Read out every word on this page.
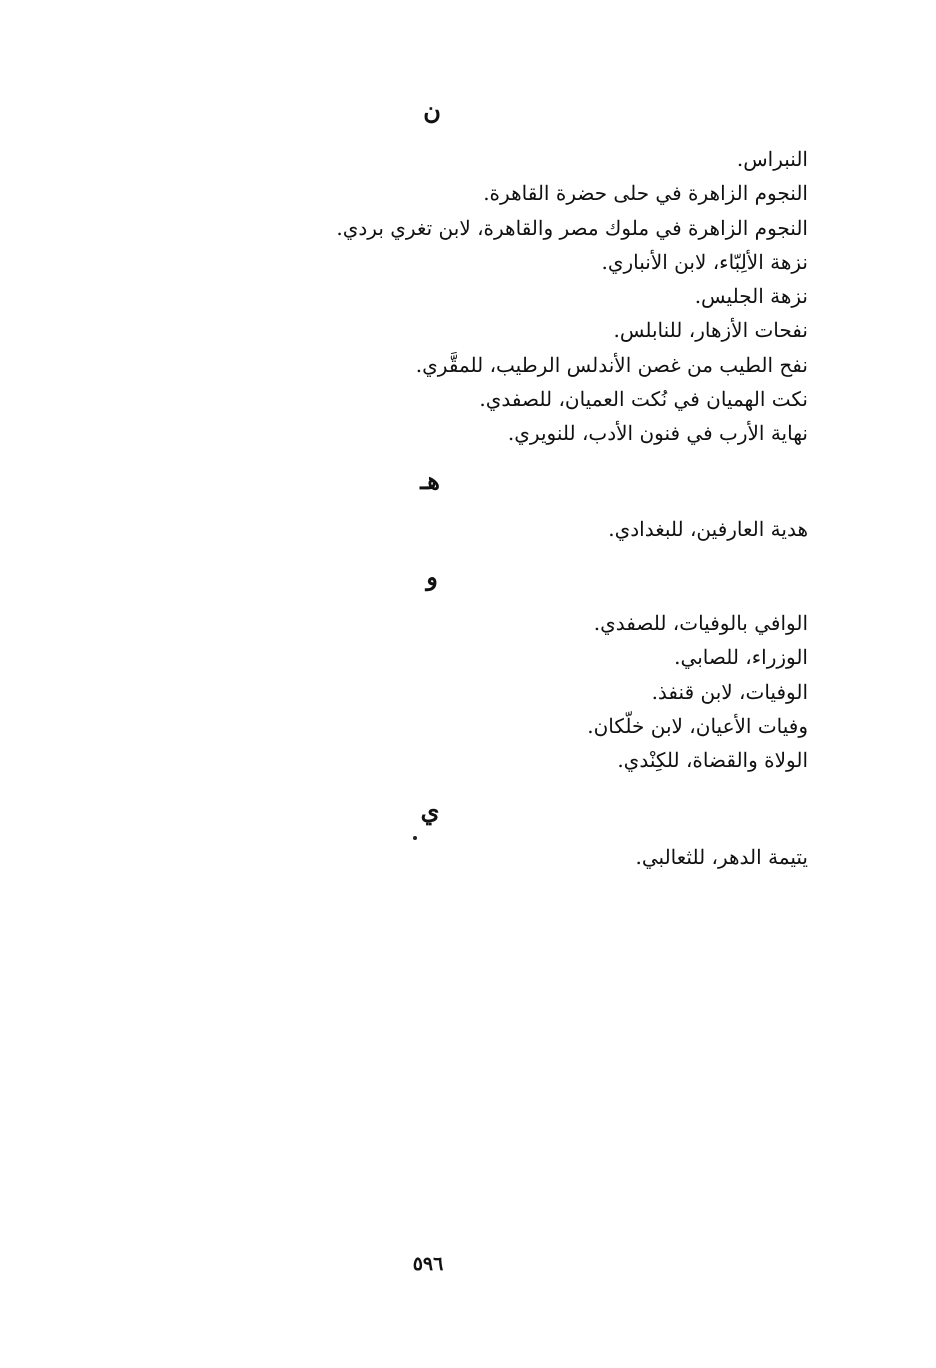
ن
النبراس.
النجوم الزاهرة في حلى حضرة القاهرة.
النجوم الزاهرة في ملوك مصر والقاهرة، لابن تغري بردي.
نزهة الألِبّاء، لابن الأنباري.
نزهة الجليس.
نفحات الأزهار، للنابلس.
نفح الطيب من غصن الأندلس الرطيب، للمقَّري.
نكت الهميان في نُكت العميان، للصفدي.
نهاية الأرب في فنون الأدب، للنويري.
هـ
هدية العارفين، للبغدادي.
و
الوافي بالوفيات، للصفدي.
الوزراء، للصابي.
الوفيات، لابن قنفذ.
وفيات الأعيان، لابن خلّكان.
الولاة والقضاة، للكِنْدي.
ي
يتيمة الدهر، للثعالبي.
٥٩٦
